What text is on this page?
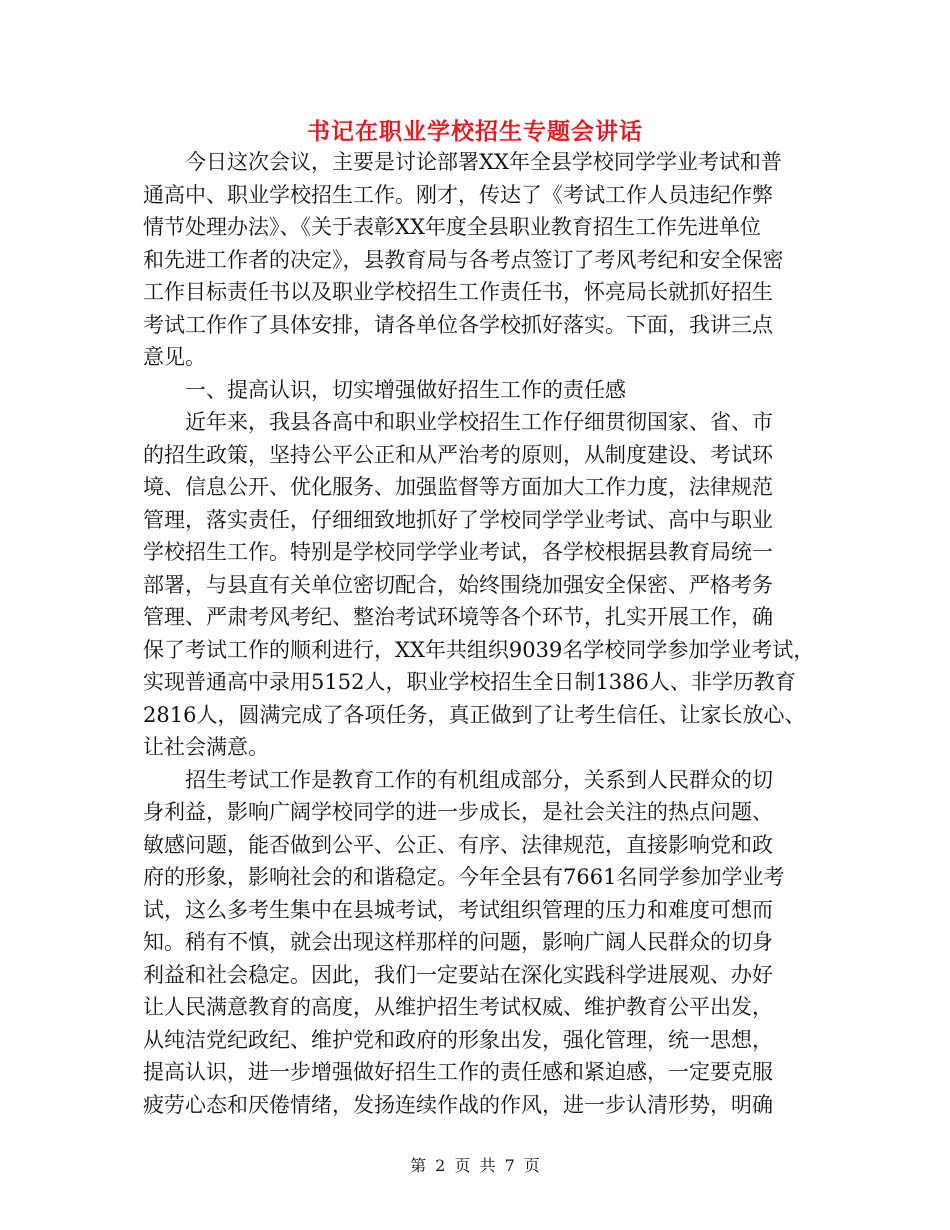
书记在职业学校招生专题会讲话
　　今日这次会议，主要是讨论部署XX年全县学校同学学业考试和普
通高中、职业学校招生工作。刚才，传达了《考试工作人员违纪作弊
情节处理办法》、《关于表彰XX年度全县职业教育招生工作先进单位
和先进工作者的决定》，县教育局与各考点签订了考风考纪和安全保密
工作目标责任书以及职业学校招生工作责任书，怀亮局长就抓好招生
考试工作作了具体安排，请各单位各学校抓好落实。下面，我讲三点
意见。
　　一、提高认识，切实增强做好招生工作的责任感
　　近年来，我县各高中和职业学校招生工作仔细贯彻国家、省、市
的招生政策，坚持公平公正和从严治考的原则，从制度建设、考试环
境、信息公开、优化服务、加强监督等方面加大工作力度，法律规范
管理，落实责任，仔细细致地抓好了学校同学学业考试、高中与职业
学校招生工作。特别是学校同学学业考试，各学校根据县教育局统一
部署，与县直有关单位密切配合，始终围绕加强安全保密、严格考务
管理、严肃考风考纪、整治考试环境等各个环节，扎实开展工作，确
保了考试工作的顺利进行，XX年共组织9039名学校同学参加学业考试，
实现普通高中录用5152人，职业学校招生全日制1386人、非学历教育
2816人，圆满完成了各项任务，真正做到了让考生信任、让家长放心、
让社会满意。
　　招生考试工作是教育工作的有机组成部分，关系到人民群众的切
身利益，影响广阔学校同学的进一步成长，是社会关注的热点问题、
敏感问题，能否做到公平、公正、有序、法律规范，直接影响党和政
府的形象，影响社会的和谐稳定。今年全县有7661名同学参加学业考
试，这么多考生集中在县城考试，考试组织管理的压力和难度可想而
知。稍有不慎，就会出现这样那样的问题，影响广阔人民群众的切身
利益和社会稳定。因此，我们一定要站在深化实践科学进展观、办好
让人民满意教育的高度，从维护招生考试权威、维护教育公平出发，
从纯洁党纪政纪、维护党和政府的形象出发，强化管理，统一思想，
提高认识，进一步增强做好招生工作的责任感和紧迫感，一定要克服
疲劳心态和厌倦情绪，发扬连续作战的作风，进一步认清形势，明确
第 2 页 共 7 页
